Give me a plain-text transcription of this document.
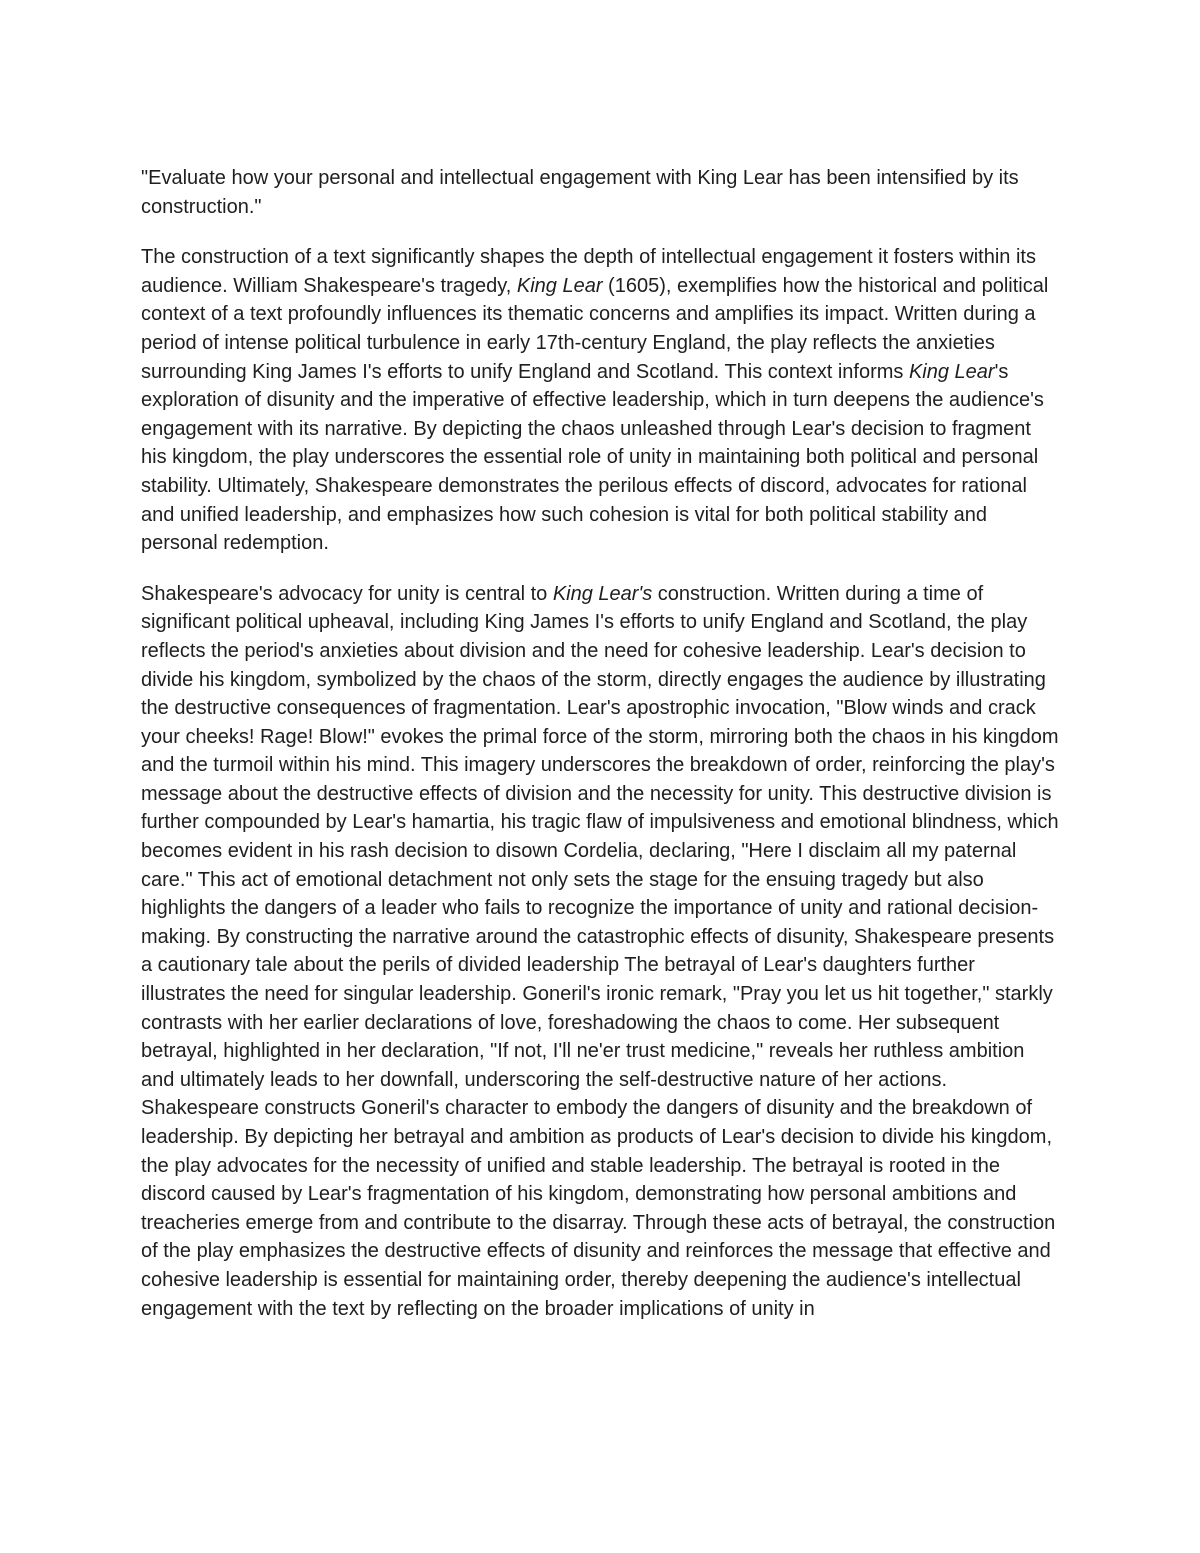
"Evaluate how your personal and intellectual engagement with King Lear has been intensified by its construction."

The construction of a text significantly shapes the depth of intellectual engagement it fosters within its audience. William Shakespeare's tragedy, King Lear (1605), exemplifies how the historical and political context of a text profoundly influences its thematic concerns and amplifies its impact. Written during a period of intense political turbulence in early 17th-century England, the play reflects the anxieties surrounding King James I's efforts to unify England and Scotland. This context informs King Lear's exploration of disunity and the imperative of effective leadership, which in turn deepens the audience's engagement with its narrative. By depicting the chaos unleashed through Lear's decision to fragment his kingdom, the play underscores the essential role of unity in maintaining both political and personal stability. Ultimately, Shakespeare demonstrates the perilous effects of discord, advocates for rational and unified leadership, and emphasizes how such cohesion is vital for both political stability and personal redemption.

Shakespeare's advocacy for unity is central to King Lear's construction. Written during a time of significant political upheaval, including King James I's efforts to unify England and Scotland, the play reflects the period's anxieties about division and the need for cohesive leadership. Lear's decision to divide his kingdom, symbolized by the chaos of the storm, directly engages the audience by illustrating the destructive consequences of fragmentation. Lear's apostrophic invocation, "Blow winds and crack your cheeks! Rage! Blow!" evokes the primal force of the storm, mirroring both the chaos in his kingdom and the turmoil within his mind. This imagery underscores the breakdown of order, reinforcing the play's message about the destructive effects of division and the necessity for unity. This destructive division is further compounded by Lear's hamartia, his tragic flaw of impulsiveness and emotional blindness, which becomes evident in his rash decision to disown Cordelia, declaring, "Here I disclaim all my paternal care." This act of emotional detachment not only sets the stage for the ensuing tragedy but also highlights the dangers of a leader who fails to recognize the importance of unity and rational decision-making. By constructing the narrative around the catastrophic effects of disunity, Shakespeare presents a cautionary tale about the perils of divided leadership The betrayal of Lear's daughters further illustrates the need for singular leadership. Goneril's ironic remark, "Pray you let us hit together," starkly contrasts with her earlier declarations of love, foreshadowing the chaos to come. Her subsequent betrayal, highlighted in her declaration, "If not, I'll ne'er trust medicine," reveals her ruthless ambition and ultimately leads to her downfall, underscoring the self-destructive nature of her actions. Shakespeare constructs Goneril's character to embody the dangers of disunity and the breakdown of leadership. By depicting her betrayal and ambition as products of Lear's decision to divide his kingdom, the play advocates for the necessity of unified and stable leadership. The betrayal is rooted in the discord caused by Lear's fragmentation of his kingdom, demonstrating how personal ambitions and treacheries emerge from and contribute to the disarray. Through these acts of betrayal, the construction of the play emphasizes the destructive effects of disunity and reinforces the message that effective and cohesive leadership is essential for maintaining order, thereby deepening the audience's intellectual engagement with the text by reflecting on the broader implications of unity in
